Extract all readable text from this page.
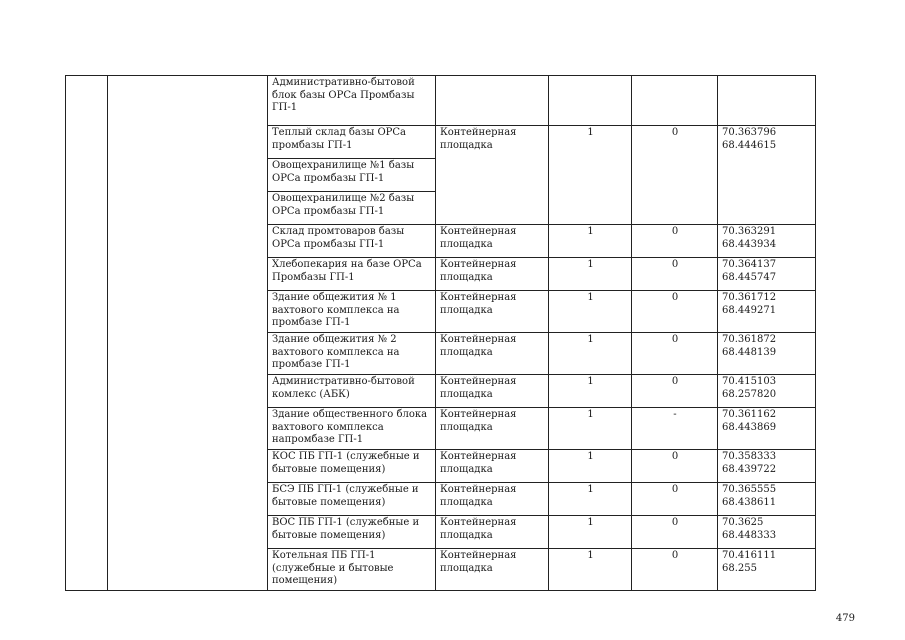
		Административно-бытовой блок базы ОРСа Промбазы ГП-1				
		Теплый склад базы ОРСа промбазы ГП-1	Контейнерная площадка	1	0	70.363796
68.444615

		Овощехранилище №1 базы ОРСа промбазы ГП-1				
		Овощехранилище №2 базы ОРСа промбазы ГП-1				
		Склад промтоваров базы ОРСа промбазы ГП-1	Контейнерная площадка	1	0	70.363291
68.443934

		Хлебопекария на базе ОРСа Промбазы ГП-1	Контейнерная площадка	1	0	70.364137
68.445747

		Здание общежития № 1 вахтового комплекса на промбазе ГП-1	Контейнерная площадка	1	0	70.361712
68.449271

		Здание общежития № 2 вахтового комплекса на промбазе ГП-1	Контейнерная площадка	1	0	70.361872
68.448139

		Административно-бытовой комлекс (АБК)	Контейнерная площадка	1	0	70.415103
68.257820

		Здание общественного блока вахтового комплекса напромбазе ГП-1	Контейнерная площадка	1	-	70.361162
68.443869

		КОС ПБ ГП-1 (служебные и бытовые помещения)	Контейнерная площадка	1	0	70.358333
68.439722

		БСЭ ПБ ГП-1 (служебные и бытовые помещения)	Контейнерная площадка	1	0	70.365555
68.438611

		ВОС ПБ ГП-1 (служебные и бытовые помещения)	Контейнерная площадка	1	0	70.3625
68.448333

		Котельная ПБ ГП-1 (служебные и бытовые помещения)	Контейнерная площадка	1	0	70.416111
68.255
479
